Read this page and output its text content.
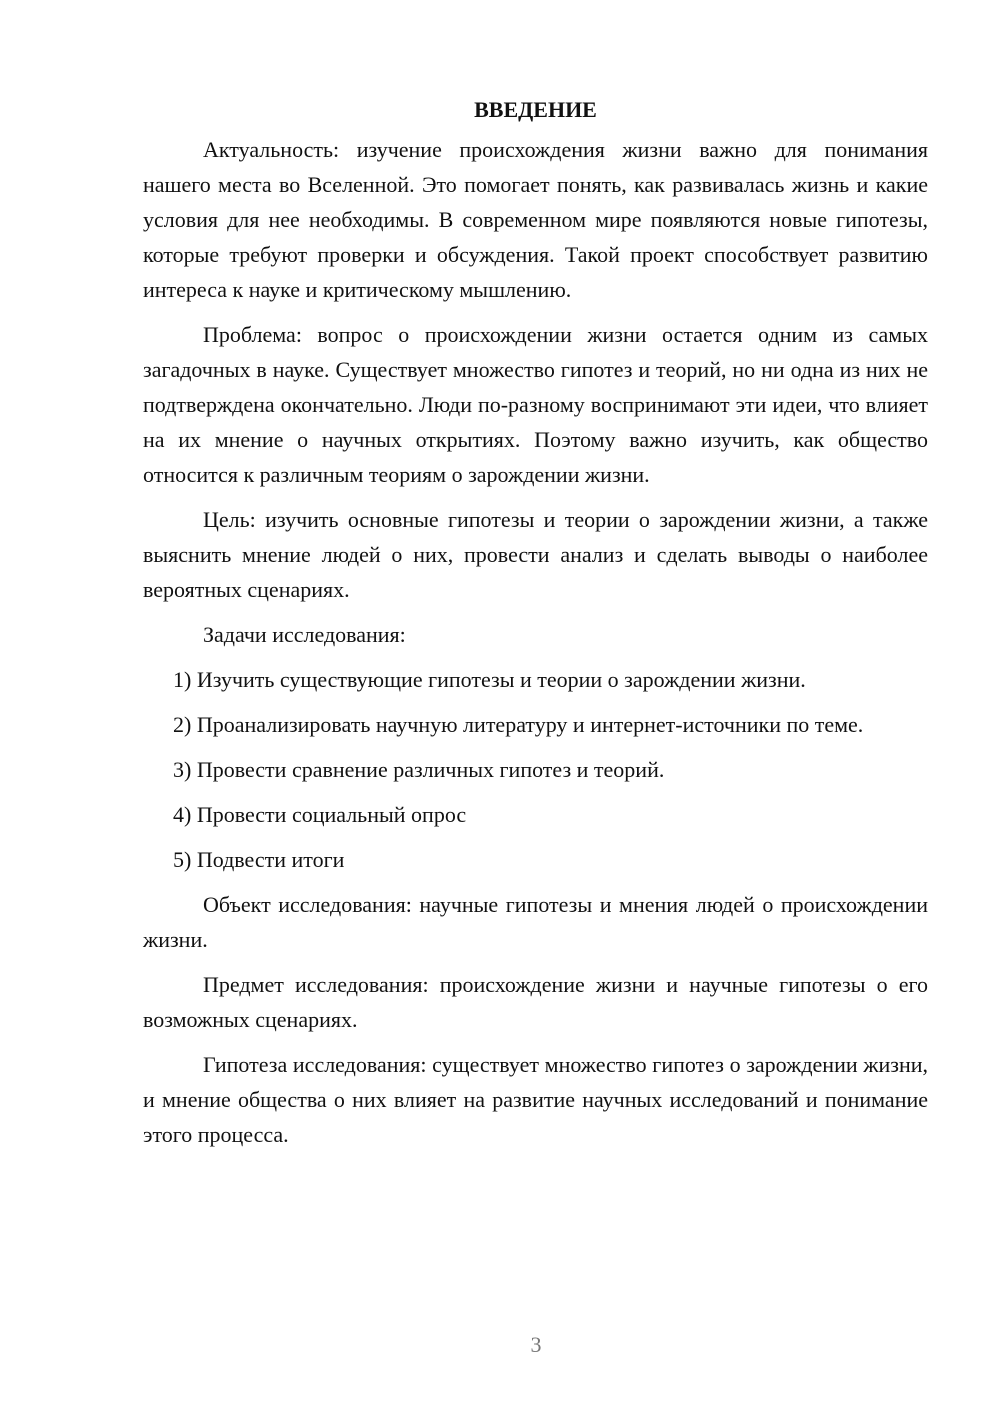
ВВЕДЕНИЕ

Актуальность: изучение происхождения жизни важно для понимания нашего места во Вселенной. Это помогает понять, как развивалась жизнь и какие условия для нее необходимы. В современном мире появляются новые гипотезы, которые требуют проверки и обсуждения. Такой проект способствует развитию интереса к науке и критическому мышлению.

Проблема: вопрос о происхождении жизни остается одним из самых загадочных в науке. Существует множество гипотез и теорий, но ни одна из них не подтверждена окончательно. Люди по-разному воспринимают эти идеи, что влияет на их мнение о научных открытиях. Поэтому важно изучить, как общество относится к различным теориям о зарождении жизни.

Цель: изучить основные гипотезы и теории о зарождении жизни, а также выяснить мнение людей о них, провести анализ и сделать выводы о наиболее вероятных сценариях.

Задачи исследования:

1) Изучить существующие гипотезы и теории о зарождении жизни.

2) Проанализировать научную литературу и интернет-источники по теме.

3) Провести сравнение различных гипотез и теорий.

4) Провести социальный опрос

5) Подвести итоги

Объект исследования: научные гипотезы и мнения людей о происхождении жизни.

Предмет исследования: происхождение жизни и научные гипотезы о его возможных сценариях.

Гипотеза исследования: существует множество гипотез о зарождении жизни, и мнение общества о них влияет на развитие научных исследований и понимание этого процесса.

3
